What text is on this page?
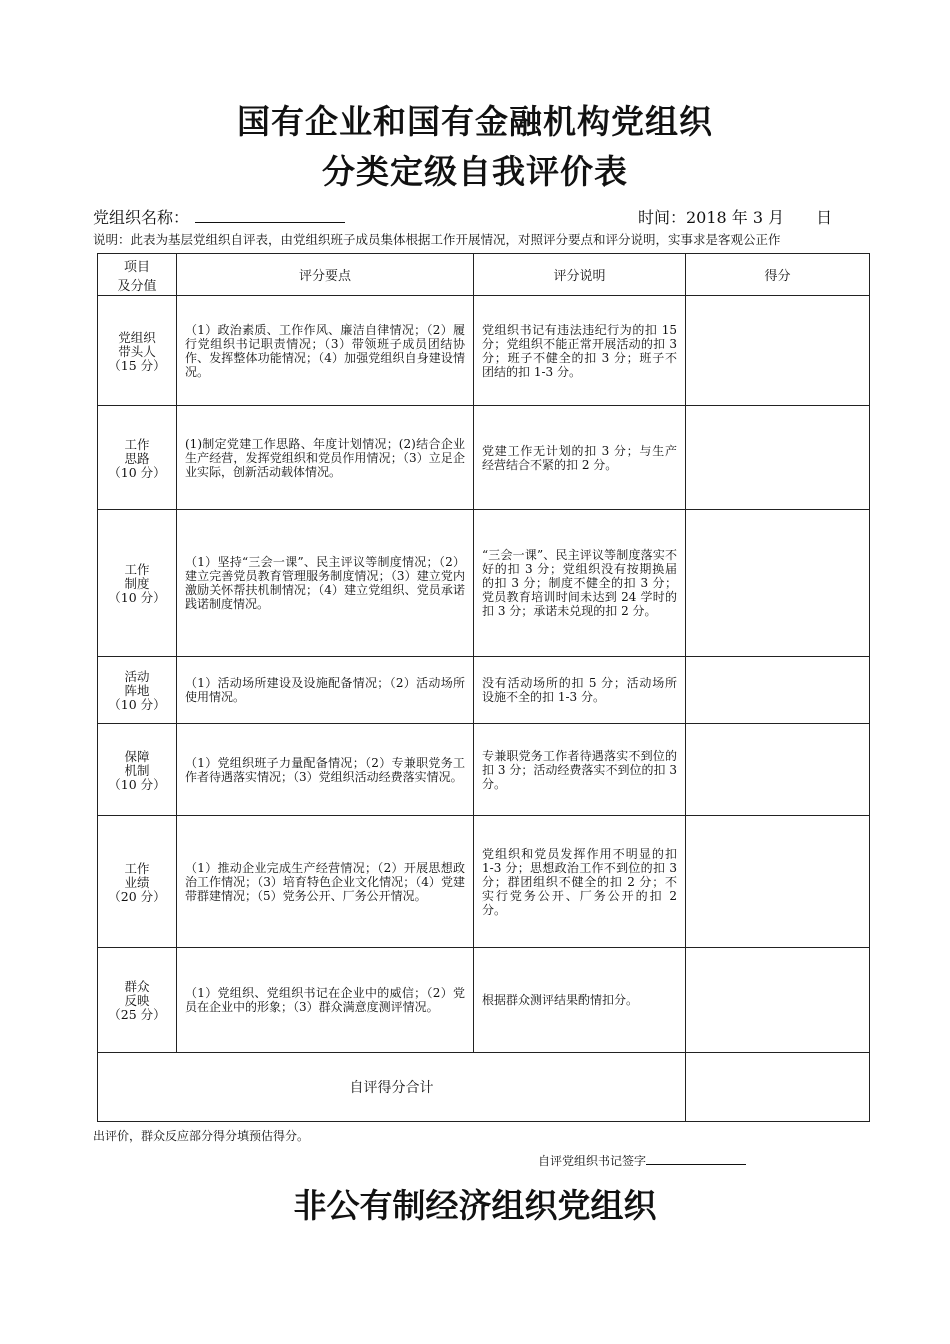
国有企业和国有金融机构党组织
分类定级自我评价表
党组织名称：	时间：2018 年 3 月　　日
说明：此表为基层党组织自评表，由党组织班子成员集体根据工作开展情况，对照评分要点和评分说明，实事求是客观公正作
项目
及分值	评分要点	评分说明	得分

党组织
带头人
（15 分）	（1）政治素质、工作作风、廉洁自律情况；（2）履行党组织书记职责情况；（3）带领班子成员团结协作、发挥整体功能情况；（4）加强党组织自身建设情况。	党组织书记有违法违纪行为的扣 15 分；党组织不能正常开展活动的扣 3 分；班子不健全的扣 3 分；班子不团结的扣 1-3 分。	

工作
思路
（10 分）	(1)制定党建工作思路、年度计划情况；(2)结合企业生产经营，发挥党组织和党员作用情况；（3）立足企业实际，创新活动载体情况。	党建工作无计划的扣 3 分；与生产经营结合不紧的扣 2 分。	

工作
制度
（10 分）	（1）坚持“三会一课”、民主评议等制度情况；（2）建立完善党员教育管理服务制度情况；（3）建立党内激励关怀帮扶机制情况；（4）建立党组织、党员承诺践诺制度情况。	“三会一课”、民主评议等制度落实不好的扣 3 分；党组织没有按期换届的扣 3 分；制度不健全的扣 3 分；党员教育培训时间未达到 24 学时的扣 3 分；承诺未兑现的扣 2 分。	

活动
阵地
（10 分）	（1）活动场所建设及设施配备情况；（2）活动场所使用情况。	没有活动场所的扣 5 分；活动场所设施不全的扣 1-3 分。	

保障
机制
（10 分）	（1）党组织班子力量配备情况；（2）专兼职党务工作者待遇落实情况；（3）党组织活动经费落实情况。	专兼职党务工作者待遇落实不到位的扣 3 分；活动经费落实不到位的扣 3 分。	

工作
业绩
（20 分）	（1）推动企业完成生产经营情况；（2）开展思想政治工作情况；（3）培育特色企业文化情况；（4）党建带群建情况；（5）党务公开、厂务公开情况。	党组织和党员发挥作用不明显的扣 1-3 分；思想政治工作不到位的扣 3 分；群团组织不健全的扣 2 分；不实行党务公开、厂务公开的扣 2 分。	

群众
反映
（25 分）	（1）党组织、党组织书记在企业中的威信；（2）党员在企业中的形象；（3）群众满意度测评情况。	根据群众测评结果酌情扣分。	
自评得分合计			
出评价，群众反应部分得分填预估得分。
自评党组织书记签字
非公有制经济组织党组织
